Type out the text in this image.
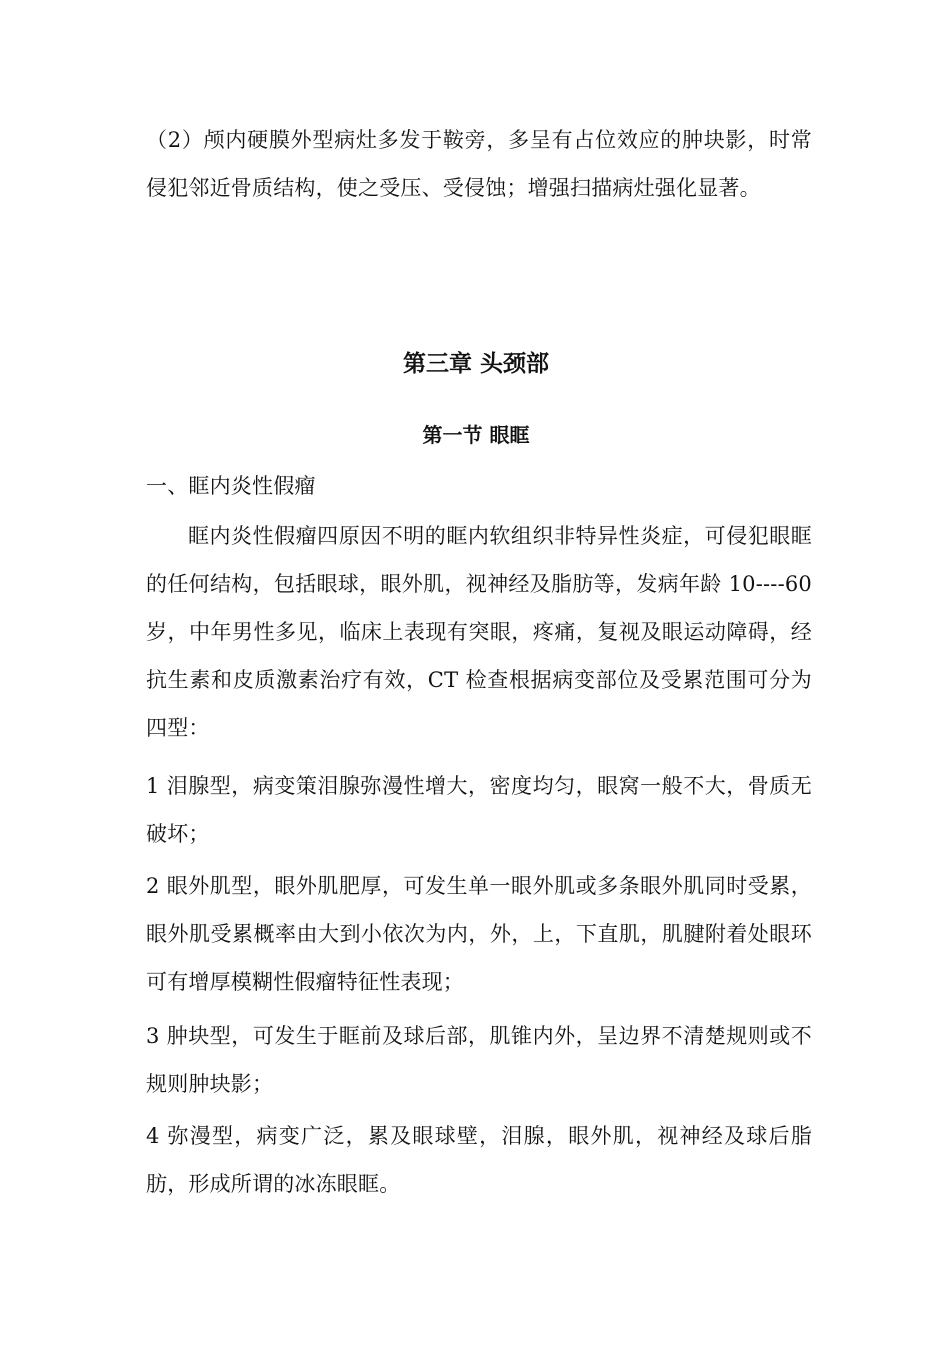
（2）颅内硬膜外型病灶多发于鞍旁，多呈有占位效应的肿块影，时常侵犯邻近骨质结构，使之受压、受侵蚀；增强扫描病灶强化显著。

第三章 头颈部
第一节 眼眶

一、眶内炎性假瘤

眶内炎性假瘤四原因不明的眶内软组织非特异性炎症，可侵犯眼眶的任何结构，包括眼球，眼外肌，视神经及脂肪等，发病年龄 10----60 岁，中年男性多见，临床上表现有突眼，疼痛，复视及眼运动障碍，经抗生素和皮质激素治疗有效，CT 检查根据病变部位及受累范围可分为四型：

1 泪腺型，病变策泪腺弥漫性增大，密度均匀，眼窝一般不大，骨质无破坏；

2 眼外肌型，眼外肌肥厚，可发生单一眼外肌或多条眼外肌同时受累，眼外肌受累概率由大到小依次为内，外，上，下直肌，肌腱附着处眼环可有增厚模糊性假瘤特征性表现；

3 肿块型，可发生于眶前及球后部，肌锥内外，呈边界不清楚规则或不规则肿块影；

4 弥漫型，病变广泛，累及眼球壁，泪腺，眼外肌，视神经及球后脂肪，形成所谓的冰冻眼眶。
